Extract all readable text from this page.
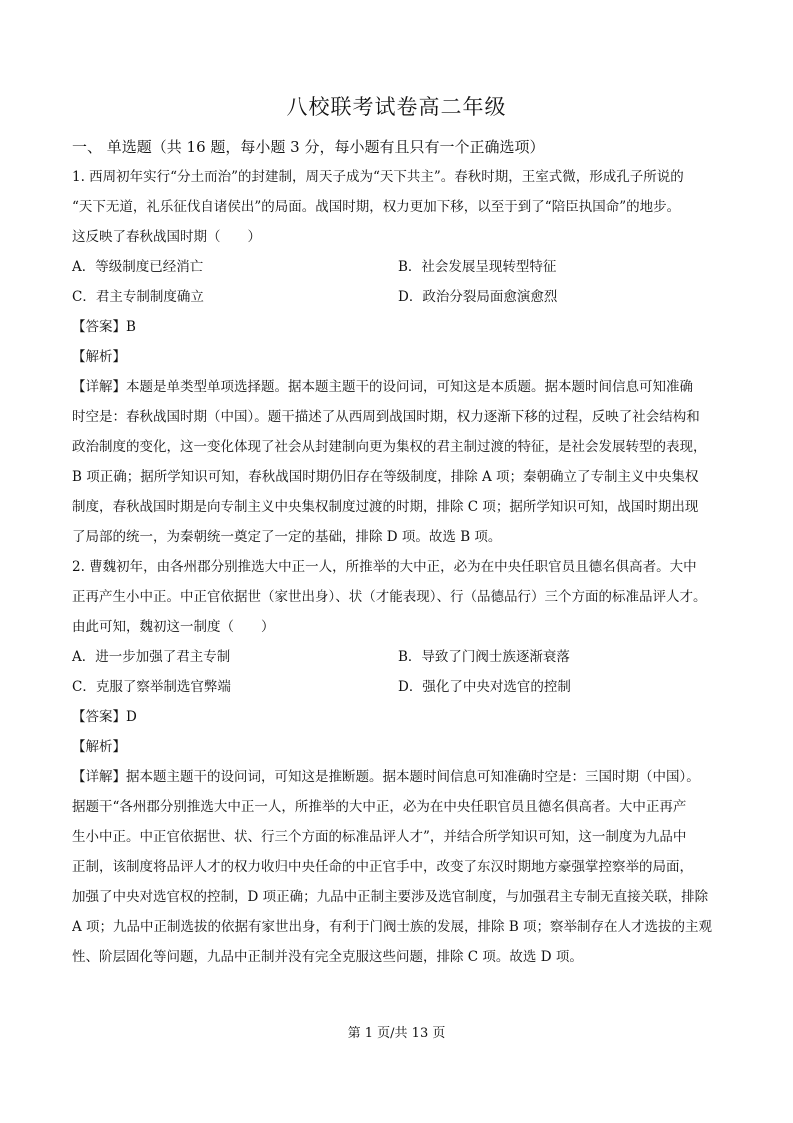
八校联考试卷高二年级
一、 单选题（共 16 题，每小题 3 分，每小题有且只有一个正确选项）
1. 西周初年实行“分土而治”的封建制，周天子成为“天下共主”。春秋时期，王室式微，形成孔子所说的
“天下无道，礼乐征伐自诸侯出”的局面。战国时期，权力更加下移，以至于到了“陪臣执国命”的地步。
这反映了春秋战国时期（　　）
A．等级制度已经消亡	B．社会发展呈现转型特征
C．君主专制制度确立	D．政治分裂局面愈演愈烈
【答案】B
【解析】
【详解】本题是单类型单项选择题。据本题主题干的设问词，可知这是本质题。据本题时间信息可知准确
时空是：春秋战国时期（中国）。题干描述了从西周到战国时期，权力逐渐下移的过程，反映了社会结构和
政治制度的变化，这一变化体现了社会从封建制向更为集权的君主制过渡的特征，是社会发展转型的表现，
B 项正确；据所学知识可知，春秋战国时期仍旧存在等级制度，排除 A 项；秦朝确立了专制主义中央集权
制度，春秋战国时期是向专制主义中央集权制度过渡的时期，排除 C 项；据所学知识可知，战国时期出现
了局部的统一，为秦朝统一奠定了一定的基础，排除 D 项。故选 B 项。
2. 曹魏初年，由各州郡分别推选大中正一人，所推举的大中正，必为在中央任职官员且德名俱高者。大中
正再产生小中正。中正官依据世（家世出身）、状（才能表现）、行（品德品行）三个方面的标准品评人才。
由此可知，魏初这一制度（　　）
A．进一步加强了君主专制	B．导致了门阀士族逐渐衰落
C．克服了察举制选官弊端	D．强化了中央对选官的控制
【答案】D
【解析】
【详解】据本题主题干的设问词，可知这是推断题。据本题时间信息可知准确时空是：三国时期（中国）。
据题干“各州郡分别推选大中正一人，所推举的大中正，必为在中央任职官员且德名俱高者。大中正再产
生小中正。中正官依据世、状、行三个方面的标准品评人才”，并结合所学知识可知，这一制度为九品中
正制，该制度将品评人才的权力收归中央任命的中正官手中，改变了东汉时期地方豪强掌控察举的局面，
加强了中央对选官权的控制，D 项正确；九品中正制主要涉及选官制度，与加强君主专制无直接关联，排除
A 项；九品中正制选拔的依据有家世出身，有利于门阀士族的发展，排除 B 项；察举制存在人才选拔的主观
性、阶层固化等问题，九品中正制并没有完全克服这些问题，排除 C 项。故选 D 项。
第 1 页/共 13 页
